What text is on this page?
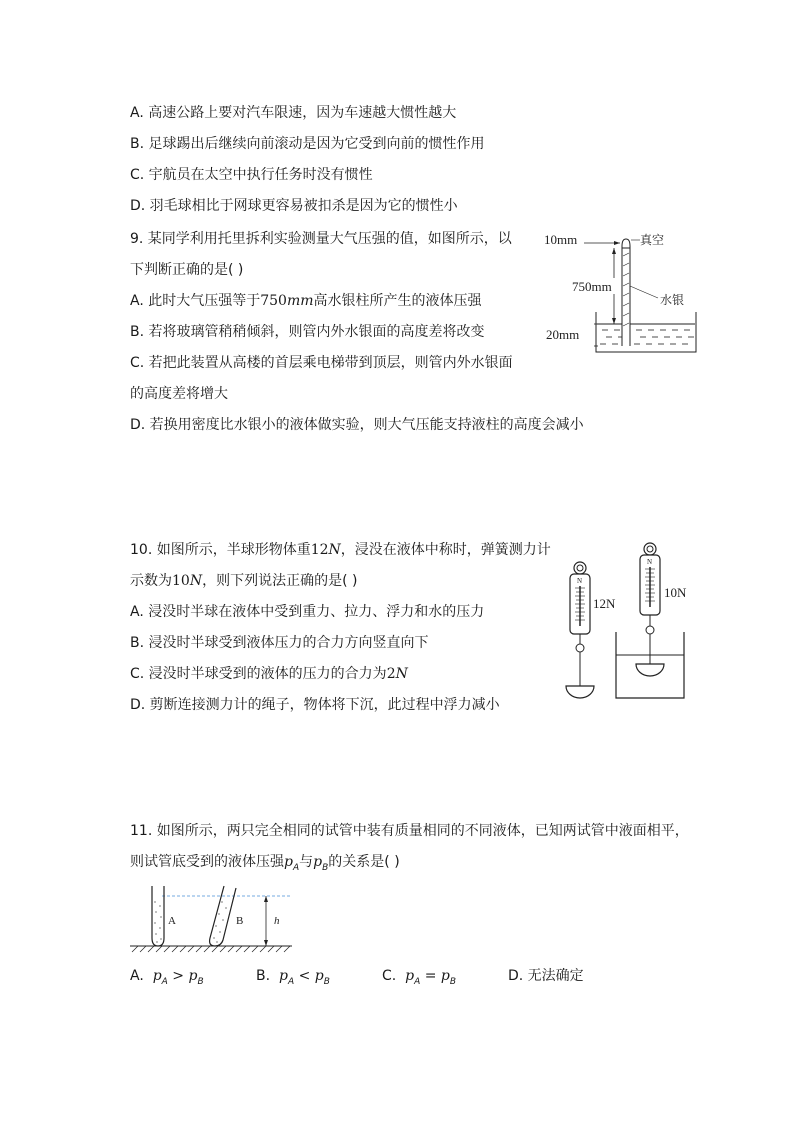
A. 高速公路上要对汽车限速，因为车速越大惯性越大
B. 足球踢出后继续向前滚动是因为它受到向前的惯性作用
C. 宇航员在太空中执行任务时没有惯性
D. 羽毛球相比于网球更容易被扣杀是因为它的惯性小
9. 某同学利用托里拆利实验测量大气压强的值，如图所示，以
下判断正确的是( )
A. 此时大气压强等于750mm高水银柱所产生的液体压强
B. 若将玻璃管稍稍倾斜，则管内外水银面的高度差将改变
C. 若把此装置从高楼的首层乘电梯带到顶层，则管内外水银面
的高度差将增大
D. 若换用密度比水银小的液体做实验，则大气压能支持液柱的高度会减小
10mm	真空
750mm
水银
20mm
10. 如图所示，半球形物体重12N，浸没在液体中称时，弹簧测力计
示数为10N，则下列说法正确的是( )
A. 浸没时半球在液体中受到重力、拉力、浮力和水的压力
B. 浸没时半球受到液体压力的合力方向竖直向下
C. 浸没时半球受到的液体的压力的合力为2N
D. 剪断连接测力计的绳子，物体将下沉，此过程中浮力减小
N
12N
N
10N
11. 如图所示，两只完全相同的试管中装有质量相同的不同液体，已知两试管中液面相平，
则试管底受到的液体压强$p_A$与$p_B$的关系是( )
A	B	h
A. $p_A > p_B$	B. $p_A < p_B$	C. $p_A = p_B$	D. 无法确定
